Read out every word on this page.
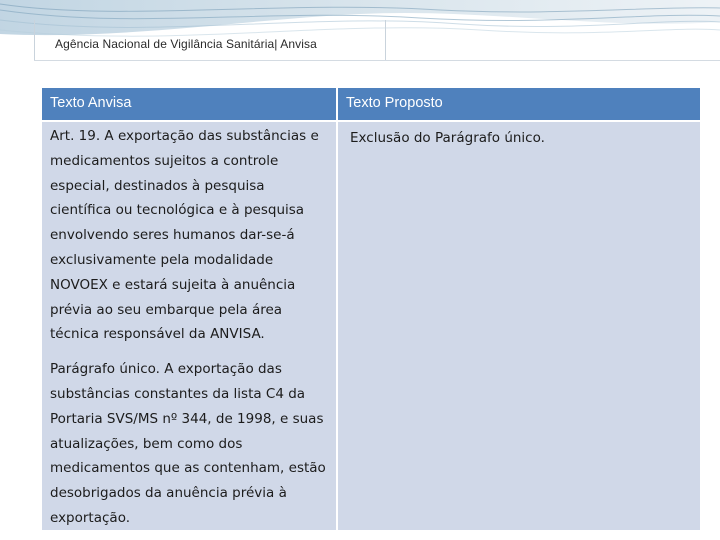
Agência Nacional de Vigilância Sanitária| Anvisa
Texto Anvisa	Texto Proposto

Art. 19. A exportação das substâncias e medicamentos sujeitos a controle especial, destinados à pesquisa científica ou tecnológica e à pesquisa envolvendo seres humanos dar-se-á exclusivamente pela modalidade NOVOEX e estará sujeita à anuência prévia ao seu embarque pela área técnica responsável da ANVISA.

Parágrafo único. A exportação das substâncias constantes da lista C4 da Portaria SVS/MS nº 344, de 1998, e suas atualizações, bem como dos medicamentos que as contenham, estão desobrigados da anuência prévia à exportação.

Exclusão do Parágrafo único.
